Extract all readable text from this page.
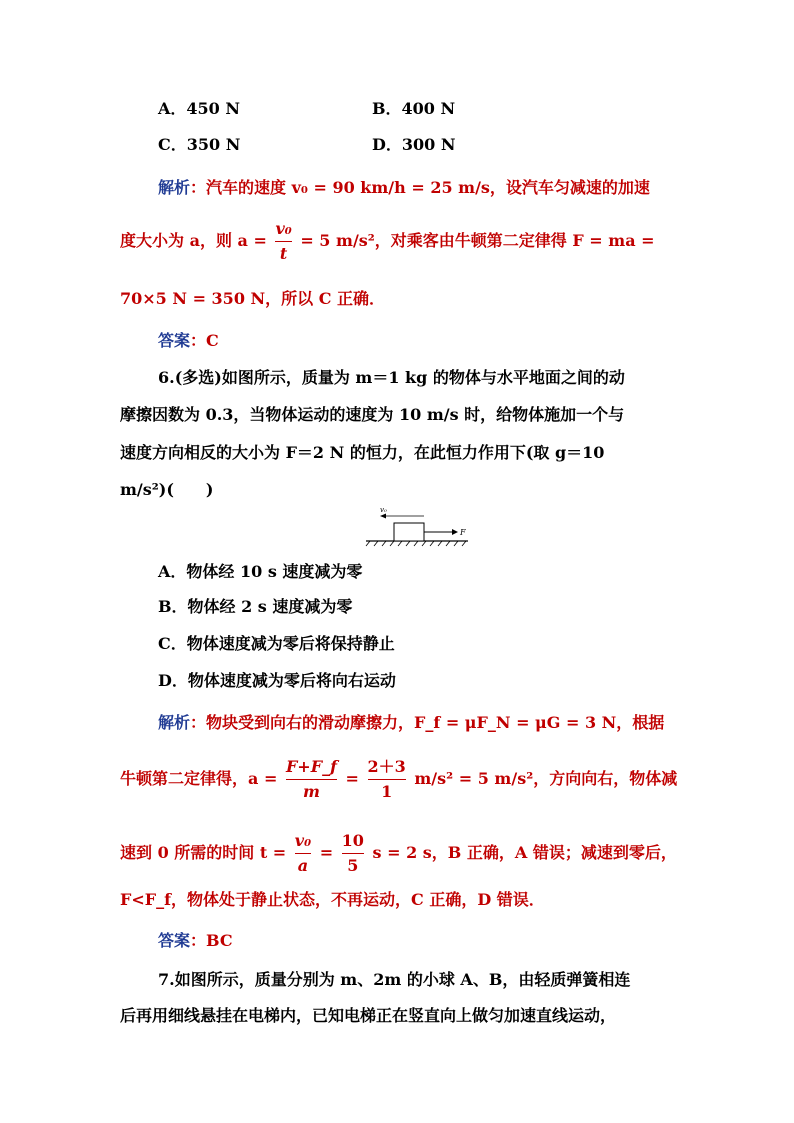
A．450 N	B．400 N
C．350 N	D．300 N
解析：汽车的速度 v₀ = 90 km/h = 25 m/s，设汽车匀减速的加速
度大小为 a，则 $a = \frac{\text{v₀}}{t} = 5$ m/s²，对乘客由牛顿第二定律得 F = ma =
70×5 N = 350 N，所以 C 正确．
答案：C
6.(多选)如图所示，质量为 m＝1 kg 的物体与水平地面之间的动
摩擦因数为 0.3，当物体运动的速度为 10 m/s 时，给物体施加一个与
速度方向相反的大小为 F＝2 N 的恒力，在此恒力作用下(取 g＝10
m/s²)(　　)
v₀
F
A．物体经 10 s 速度减为零
B．物体经 2 s 速度减为零
C．物体速度减为零后将保持静止
D．物体速度减为零后将向右运动
解析：物块受到向右的滑动摩擦力，F_f = μF_N = μG = 3 N，根据
牛顿第二定律得，$a = \frac{F+F\_f}{m} = \frac{2+3}{1} m/s^2 = 5$ m/s²，方向向右，物体减
速到 0 所需的时间 $t = \frac{\text{v₀}}{a} = \frac{10}{5}$ s = 2 s，B 正确，A 错误；减速到零后，
F<F_f，物体处于静止状态，不再运动，C 正确，D 错误．
答案：BC
7.如图所示，质量分别为 m、2m 的小球 A、B，由轻质弹簧相连
后再用细线悬挂在电梯内，已知电梯正在竖直向上做匀加速直线运动，
